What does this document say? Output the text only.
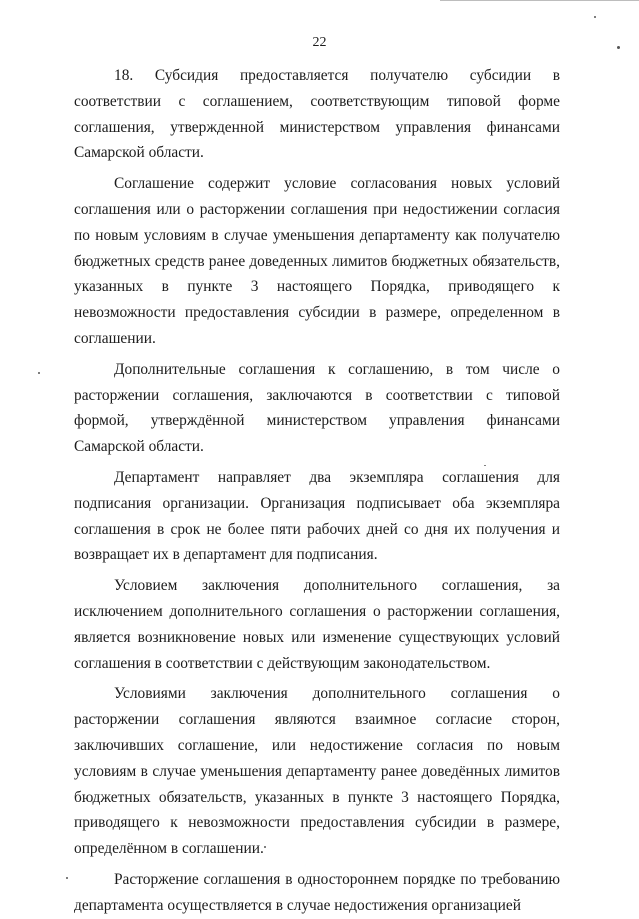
22

18. Субсидия предоставляется получателю субсидии в соответствии с соглашением, соответствующим типовой форме соглашения, утвержденной министерством управления финансами Самарской области.

Соглашение содержит условие согласования новых условий соглашения или о расторжении соглашения при недостижении согласия по новым условиям в случае уменьшения департаменту как получателю бюджетных средств ранее доведенных лимитов бюджетных обязательств, указанных в пункте 3 настоящего Порядка, приводящего к невозможности предоставления субсидии в размере, определенном в соглашении.

Дополнительные соглашения к соглашению, в том числе о расторжении соглашения, заключаются в соответствии с типовой формой, утверждённой министерством управления финансами Самарской области.

Департамент направляет два экземпляра соглашения для подписания организации. Организация подписывает оба экземпляра соглашения в срок не более пяти рабочих дней со дня их получения и возвращает их в департамент для подписания.

Условием заключения дополнительного соглашения, за исключением дополнительного соглашения о расторжении соглашения, является возникновение новых или изменение существующих условий соглашения в соответствии с действующим законодательством.

Условиями заключения дополнительного соглашения о расторжении соглашения являются взаимное согласие сторон, заключивших соглашение, или недостижение согласия по новым условиям в случае уменьшения департаменту ранее доведённых лимитов бюджетных обязательств, указанных в пункте 3 настоящего Порядка, приводящего к невозможности предоставления субсидии в размере, определённом в соглашении.

Расторжение соглашения в одностороннем порядке по требованию департамента осуществляется в случае недостижения организацией
